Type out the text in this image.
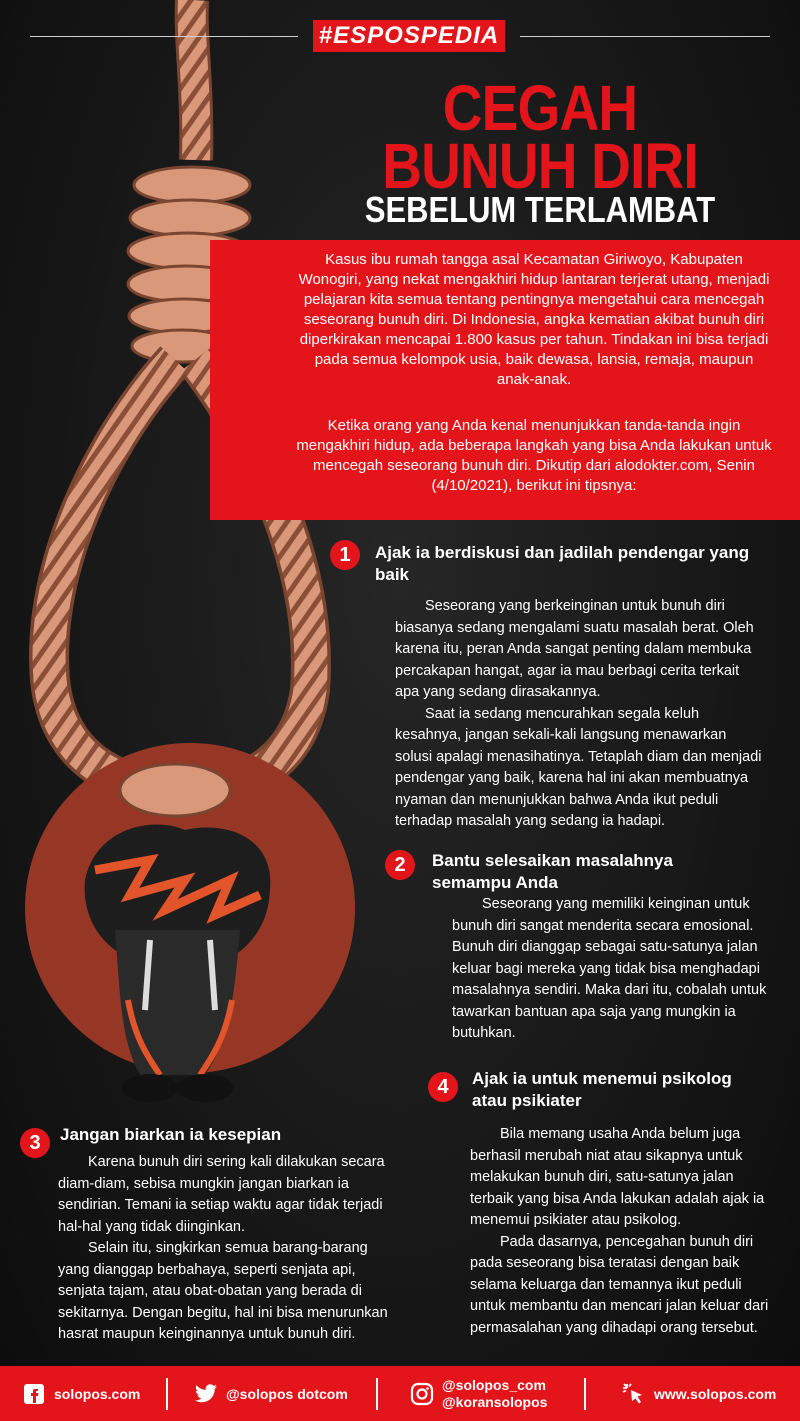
#ESPOSPEDIA
CEGAH
BUNUH DIRI
SEBELUM TERLAMBAT

Kasus ibu rumah tangga asal Kecamatan Giriwoyo, Kabupaten Wonogiri, yang nekat mengakhiri hidup lantaran terjerat utang, menjadi pelajaran kita semua tentang pentingnya mengetahui cara mencegah seseorang bunuh diri. Di Indonesia, angka kematian akibat bunuh diri diperkirakan mencapai 1.800 kasus per tahun. Tindakan ini bisa terjadi pada semua kelompok usia, baik dewasa, lansia, remaja, maupun anak-anak.

Ketika orang yang Anda kenal menunjukkan tanda-tanda ingin mengakhiri hidup, ada beberapa langkah yang bisa Anda lakukan untuk mencegah seseorang bunuh diri. Dikutip dari alodokter.com, Senin (4/10/2021), berikut ini tipsnya:

1	Ajak ia berdiskusi dan jadilah pendengar yang baik
Seseorang yang berkeinginan untuk bunuh diri biasanya sedang mengalami suatu masalah berat. Oleh karena itu, peran Anda sangat penting dalam membuka percakapan hangat, agar ia mau berbagi cerita terkait apa yang sedang dirasakannya.
Saat ia sedang mencurahkan segala keluh kesahnya, jangan sekali-kali langsung menawarkan solusi apalagi menasihatinya. Tetaplah diam dan menjadi pendengar yang baik, karena hal ini akan membuatnya nyaman dan menunjukkan bahwa Anda ikut peduli terhadap masalah yang sedang ia hadapi.
2	Bantu selesaikan masalahnya semampu Anda
Seseorang yang memiliki keinginan untuk bunuh diri sangat menderita secara emosional. Bunuh diri dianggap sebagai satu-satunya jalan keluar bagi mereka yang tidak bisa menghadapi masalahnya sendiri. Maka dari itu, cobalah untuk tawarkan bantuan apa saja yang mungkin ia butuhkan.
3	Jangan biarkan ia kesepian
Karena bunuh diri sering kali dilakukan secara diam-diam, sebisa mungkin jangan biarkan ia sendirian. Temani ia setiap waktu agar tidak terjadi hal-hal yang tidak diinginkan.
Selain itu, singkirkan semua barang-barang yang dianggap berbahaya, seperti senjata api, senjata tajam, atau obat-obatan yang berada di sekitarnya. Dengan begitu, hal ini bisa menurunkan hasrat maupun keinginannya untuk bunuh diri.
4	Ajak ia untuk menemui psikolog atau psikiater
Bila memang usaha Anda belum juga berhasil merubah niat atau sikapnya untuk melakukan bunuh diri, satu-satunya jalan terbaik yang bisa Anda lakukan adalah ajak ia menemui psikiater atau psikolog.
Pada dasarnya, pencegahan bunuh diri pada seseorang bisa teratasi dengan baik selama keluarga dan temannya ikut peduli untuk membantu dan mencari jalan keluar dari permasalahan yang dihadapi orang tersebut.
solopos.com	@solopos dotcom
@solopos_com
@koransolopos	www.solopos.com
